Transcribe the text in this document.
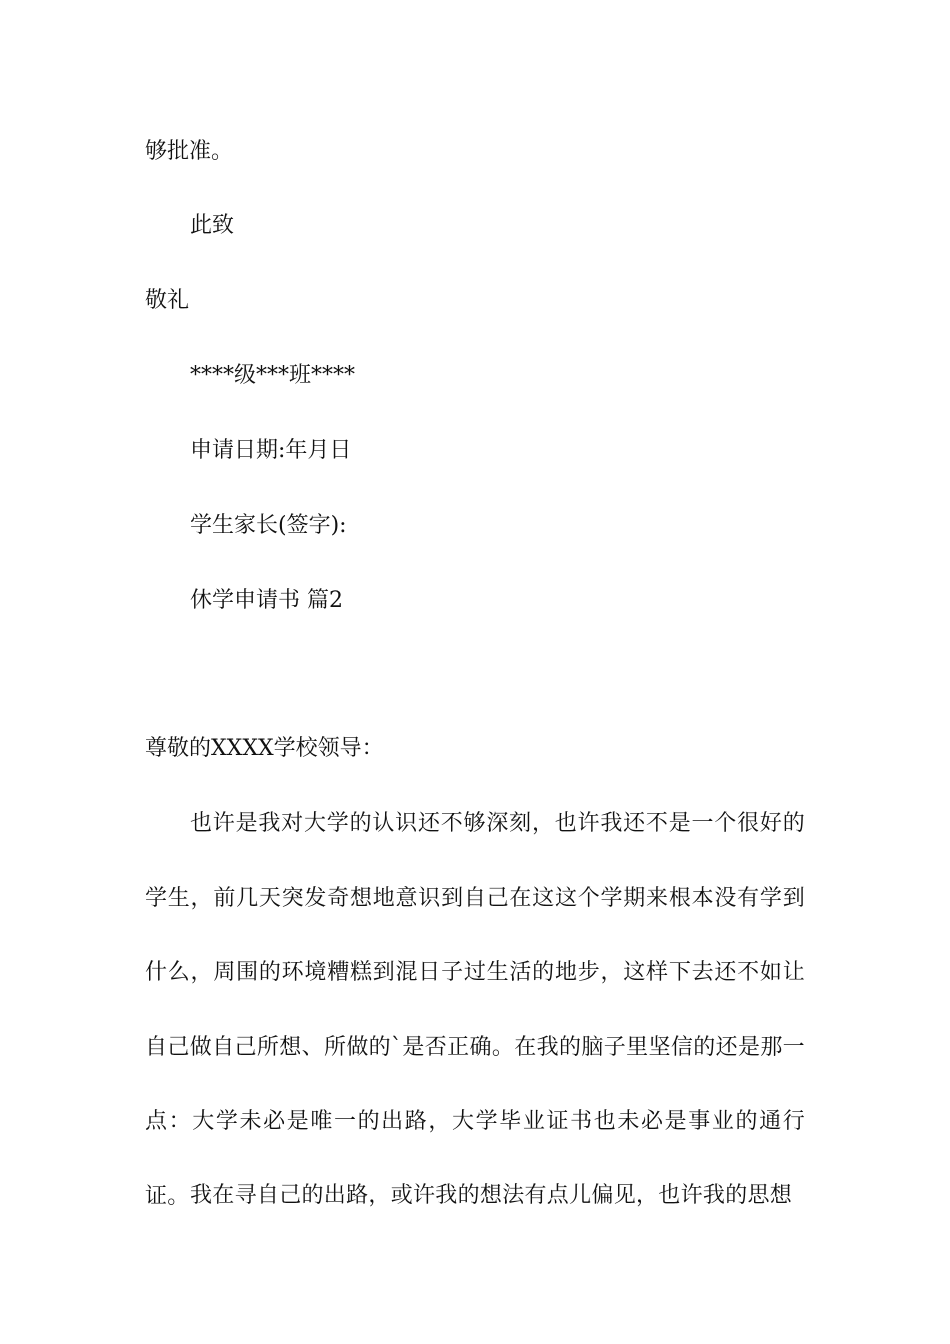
够批准。
此致
敬礼
****级***班****
申请日期:年月日
学生家长(签字):
休学申请书 篇2
尊敬的XXXX学校领导：
也许是我对大学的认识还不够深刻，也许我还不是一个很好的学生，前几天突发奇想地意识到自己在这这个学期来根本没有学到什么，周围的环境糟糕到混日子过生活的地步，这样下去还不如让自己做自己所想、所做的`是否正确。在我的脑子里坚信的还是那一点：大学未必是唯一的出路，大学毕业证书也未必是事业的通行证。 我在寻自己的出路，或许我的想法有点儿偏见，也许我的思想
